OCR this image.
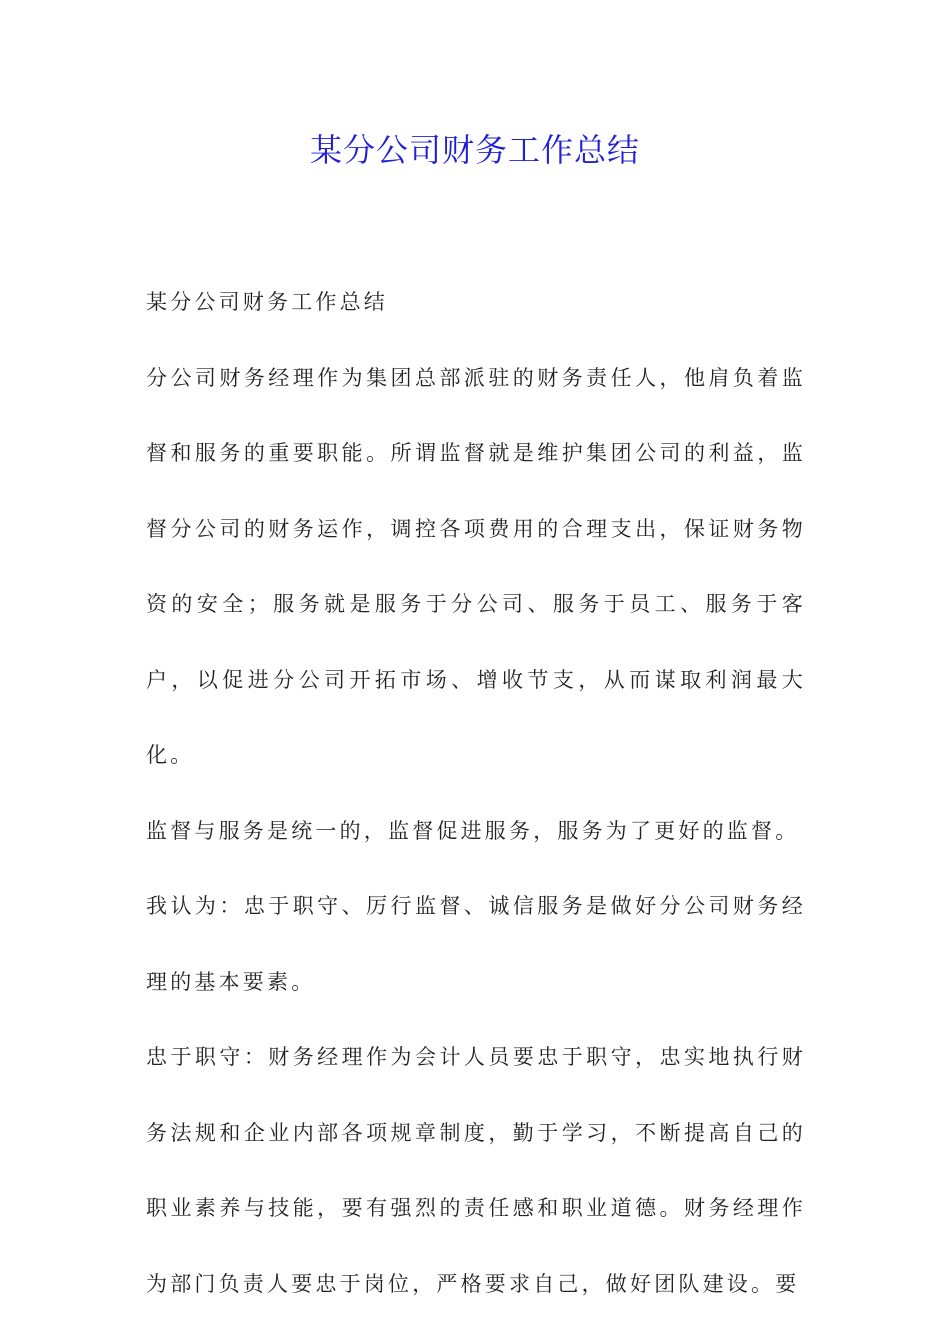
某分公司财务工作总结

某分公司财务工作总结

分公司财务经理作为集团总部派驻的财务责任人，他肩负着监督和服务的重要职能。所谓监督就是维护集团公司的利益，监督分公司的财务运作，调控各项费用的合理支出，保证财务物资的安全；服务就是服务于分公司、服务于员工、服务于客户，以促进分公司开拓市场、增收节支，从而谋取利润最大化。

监督与服务是统一的，监督促进服务，服务为了更好的监督。

我认为：忠于职守、厉行监督、诚信服务是做好分公司财务经理的基本要素。

忠于职守：财务经理作为会计人员要忠于职守，忠实地执行财务法规和企业内部各项规章制度，勤于学习，不断提高自己的职业素养与技能，要有强烈的责任感和职业道德。财务经理作为部门负责人要忠于岗位，严格要求自己，做好团队建设。要
